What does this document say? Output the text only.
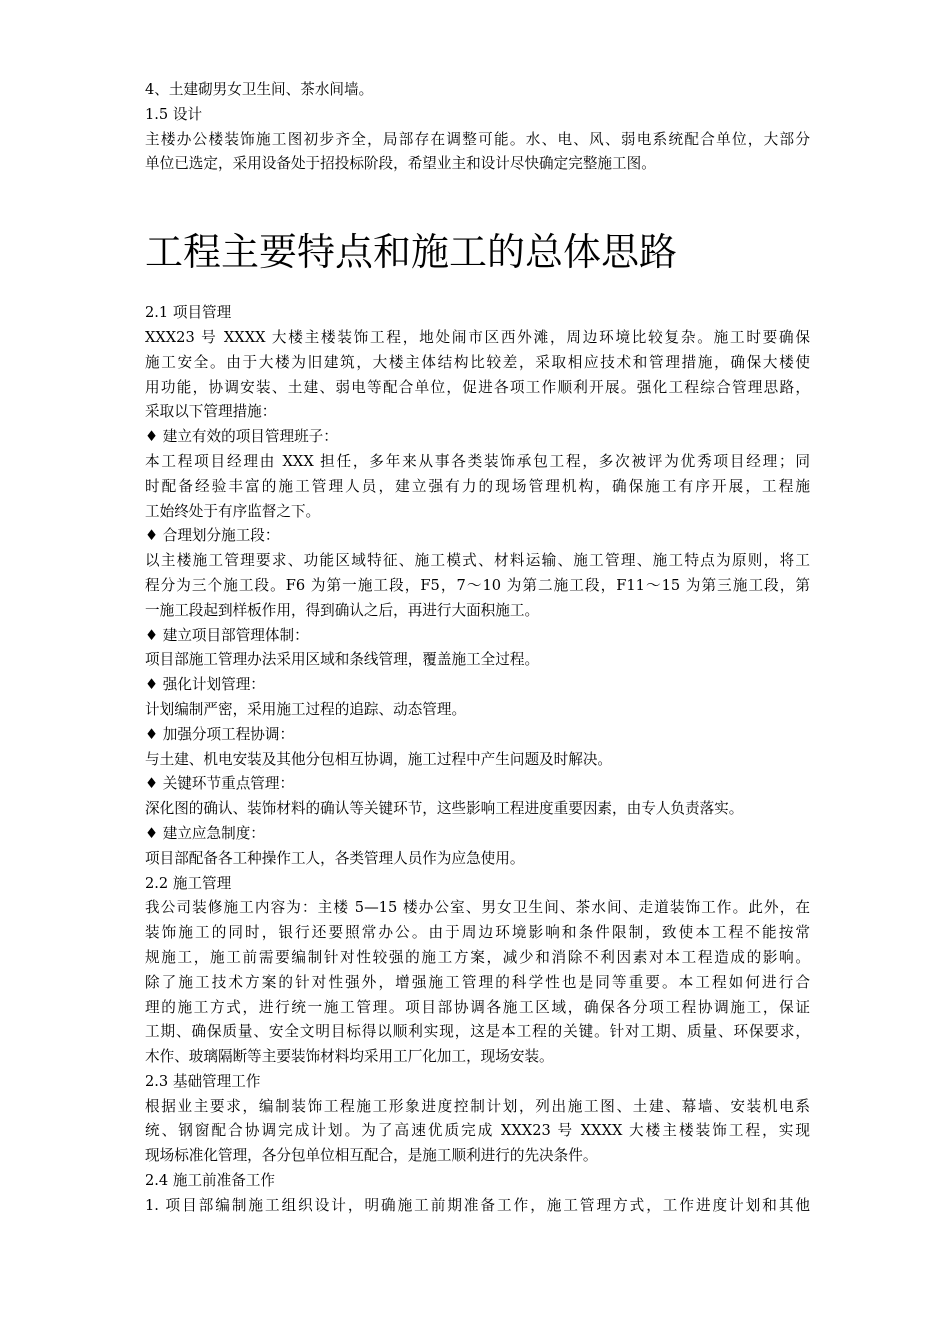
4、土建砌男女卫生间、茶水间墙。
1.5 设计
主楼办公楼装饰施工图初步齐全，局部存在调整可能。水、电、风、弱电系统配合单位，大部分
单位已选定，采用设备处于招投标阶段，希望业主和设计尽快确定完整施工图。
工程主要特点和施工的总体思路
2.1 项目管理
XXX23 号 XXXX 大楼主楼装饰工程，地处闹市区西外滩，周边环境比较复杂。施工时要确保
施工安全。由于大楼为旧建筑，大楼主体结构比较差，采取相应技术和管理措施，确保大楼使
用功能，协调安装、土建、弱电等配合单位，促进各项工作顺利开展。强化工程综合管理思路，
采取以下管理措施：
♦ 建立有效的项目管理班子：
本工程项目经理由 XXX 担任，多年来从事各类装饰承包工程，多次被评为优秀项目经理；同
时配备经验丰富的施工管理人员，建立强有力的现场管理机构，确保施工有序开展，工程施
工始终处于有序监督之下。
♦ 合理划分施工段：
以主楼施工管理要求、功能区域特征、施工模式、材料运输、施工管理、施工特点为原则，将工
程分为三个施工段。F6 为第一施工段，F5，7～10 为第二施工段，F11～15 为第三施工段，第
一施工段起到样板作用，得到确认之后，再进行大面积施工。
♦ 建立项目部管理体制：
项目部施工管理办法采用区域和条线管理，覆盖施工全过程。
♦ 强化计划管理：
计划编制严密，采用施工过程的追踪、动态管理。
♦ 加强分项工程协调：
与土建、机电安装及其他分包相互协调，施工过程中产生问题及时解决。
♦ 关键环节重点管理：
深化图的确认、装饰材料的确认等关键环节，这些影响工程进度重要因素，由专人负责落实。
♦ 建立应急制度：
项目部配备各工种操作工人，各类管理人员作为应急使用。
2.2 施工管理
我公司装修施工内容为：主楼 5—15 楼办公室、男女卫生间、茶水间、走道装饰工作。此外，在
装饰施工的同时，银行还要照常办公。由于周边环境影响和条件限制，致使本工程不能按常
规施工，施工前需要编制针对性较强的施工方案，减少和消除不利因素对本工程造成的影响。
除了施工技术方案的针对性强外，增强施工管理的科学性也是同等重要。本工程如何进行合
理的施工方式，进行统一施工管理。项目部协调各施工区域，确保各分项工程协调施工，保证
工期、确保质量、安全文明目标得以顺利实现，这是本工程的关键。针对工期、质量、环保要求，
木作、玻璃隔断等主要装饰材料均采用工厂化加工，现场安装。
2.3 基础管理工作
根据业主要求，编制装饰工程施工形象进度控制计划，列出施工图、土建、幕墙、安装机电系
统、钢窗配合协调完成计划。为了高速优质完成 XXX23 号 XXXX 大楼主楼装饰工程，实现
现场标准化管理，各分包单位相互配合，是施工顺利进行的先决条件。
2.4 施工前准备工作
1. 项目部编制施工组织设计，明确施工前期准备工作，施工管理方式，工作进度计划和其他
